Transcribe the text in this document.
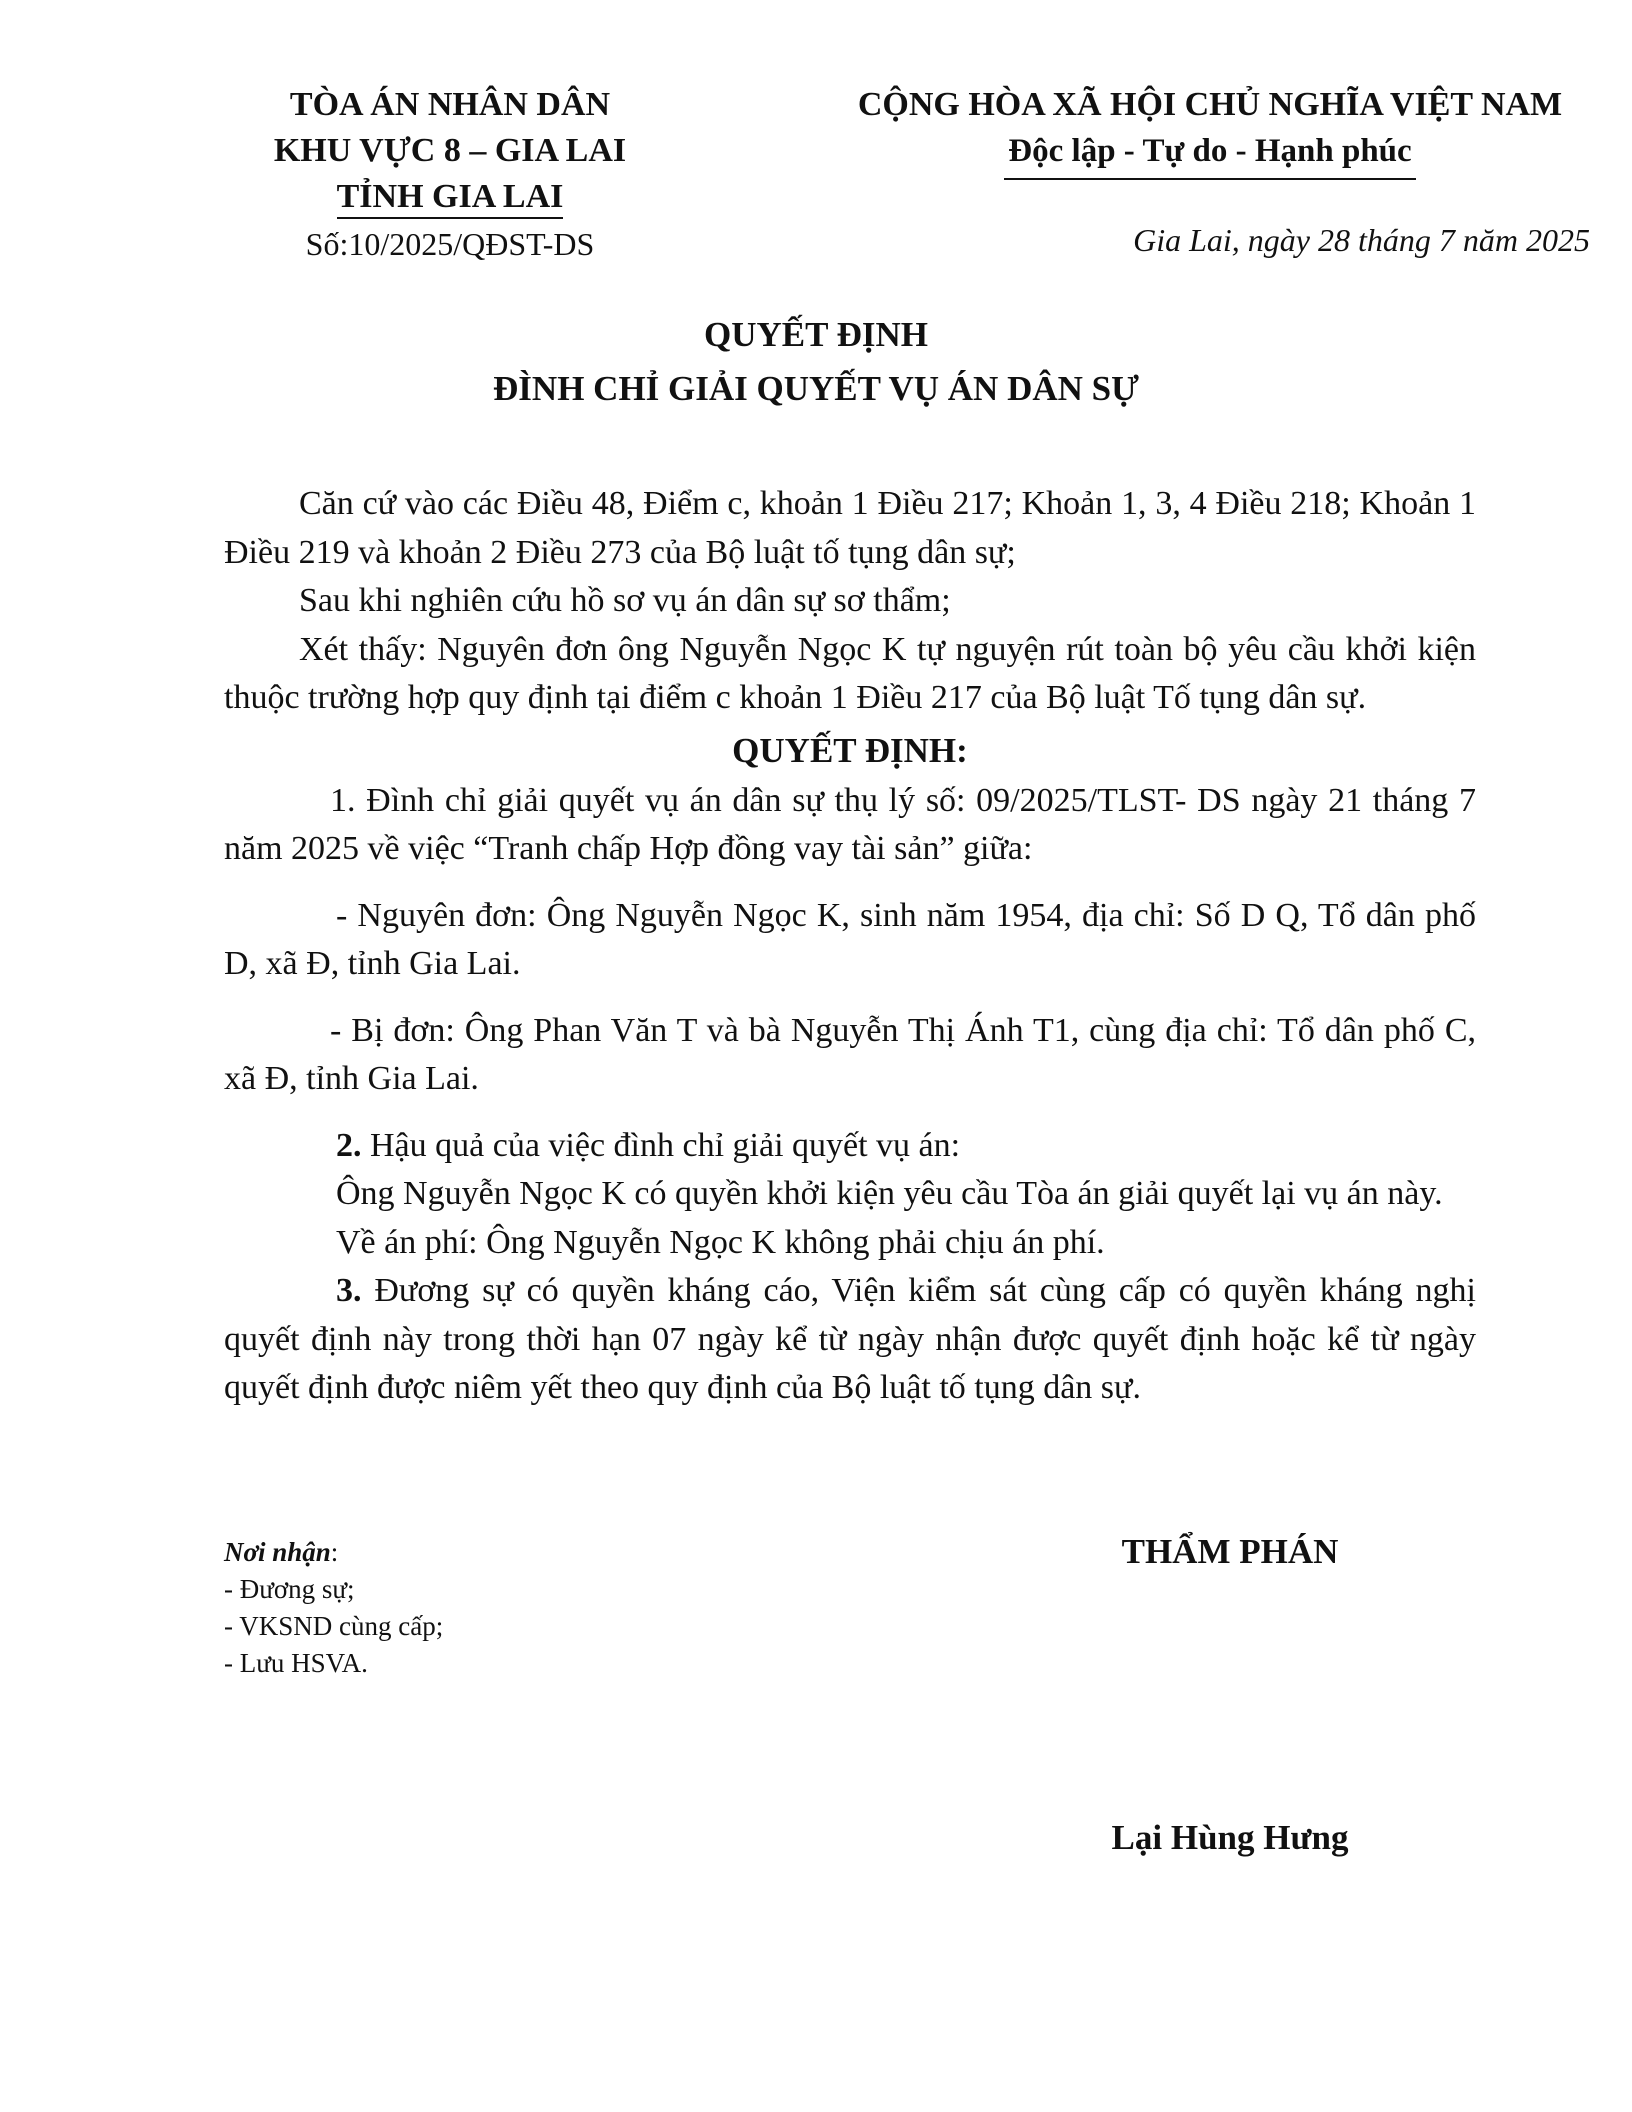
TÒA ÁN NHÂN DÂN
KHU VỰC 8 – GIA LAI
TỈNH GIA LAI
Số:10/2025/QĐST-DS
CỘNG HÒA XÃ HỘI CHỦ NGHĨA VIỆT NAM
Độc lập - Tự do - Hạnh phúc
Gia Lai, ngày 28 tháng 7 năm 2025
QUYẾT ĐỊNH
ĐÌNH CHỈ GIẢI QUYẾT VỤ ÁN DÂN SỰ

Căn cứ vào các Điều 48, Điểm c, khoản 1 Điều 217; Khoản 1, 3, 4 Điều 218; Khoản 1 Điều 219 và khoản 2 Điều 273 của Bộ luật tố tụng dân sự;

Sau khi nghiên cứu hồ sơ vụ án dân sự sơ thẩm;

Xét thấy: Nguyên đơn ông Nguyễn Ngọc K tự nguyện rút toàn bộ yêu cầu khởi kiện thuộc trường hợp quy định tại điểm c khoản 1 Điều 217 của Bộ luật Tố tụng dân sự.

QUYẾT ĐỊNH:

1. Đình chỉ giải quyết vụ án dân sự thụ lý số: 09/2025/TLST- DS ngày 21 tháng 7 năm 2025 về việc “Tranh chấp Hợp đồng vay tài sản” giữa:

- Nguyên đơn: Ông Nguyễn Ngọc K, sinh năm 1954, địa chỉ: Số D Q, Tổ dân phố D, xã Đ, tỉnh Gia Lai.

- Bị đơn: Ông Phan Văn T và bà Nguyễn Thị Ánh T1, cùng địa chỉ: Tổ dân phố C, xã Đ, tỉnh Gia Lai.

2. Hậu quả của việc đình chỉ giải quyết vụ án:

Ông Nguyễn Ngọc K có quyền khởi kiện yêu cầu Tòa án giải quyết lại vụ án này.

Về án phí: Ông Nguyễn Ngọc K không phải chịu án phí.

3. Đương sự có quyền kháng cáo, Viện kiểm sát cùng cấp có quyền kháng nghị quyết định này trong thời hạn 07 ngày kể từ ngày nhận được quyết định hoặc kể từ ngày quyết định được niêm yết theo quy định của Bộ luật tố tụng dân sự.

Nơi nhận:
- Đương sự;
- VKSND cùng cấp;
- Lưu HSVA.
THẨM PHÁN
Lại Hùng Hưng
